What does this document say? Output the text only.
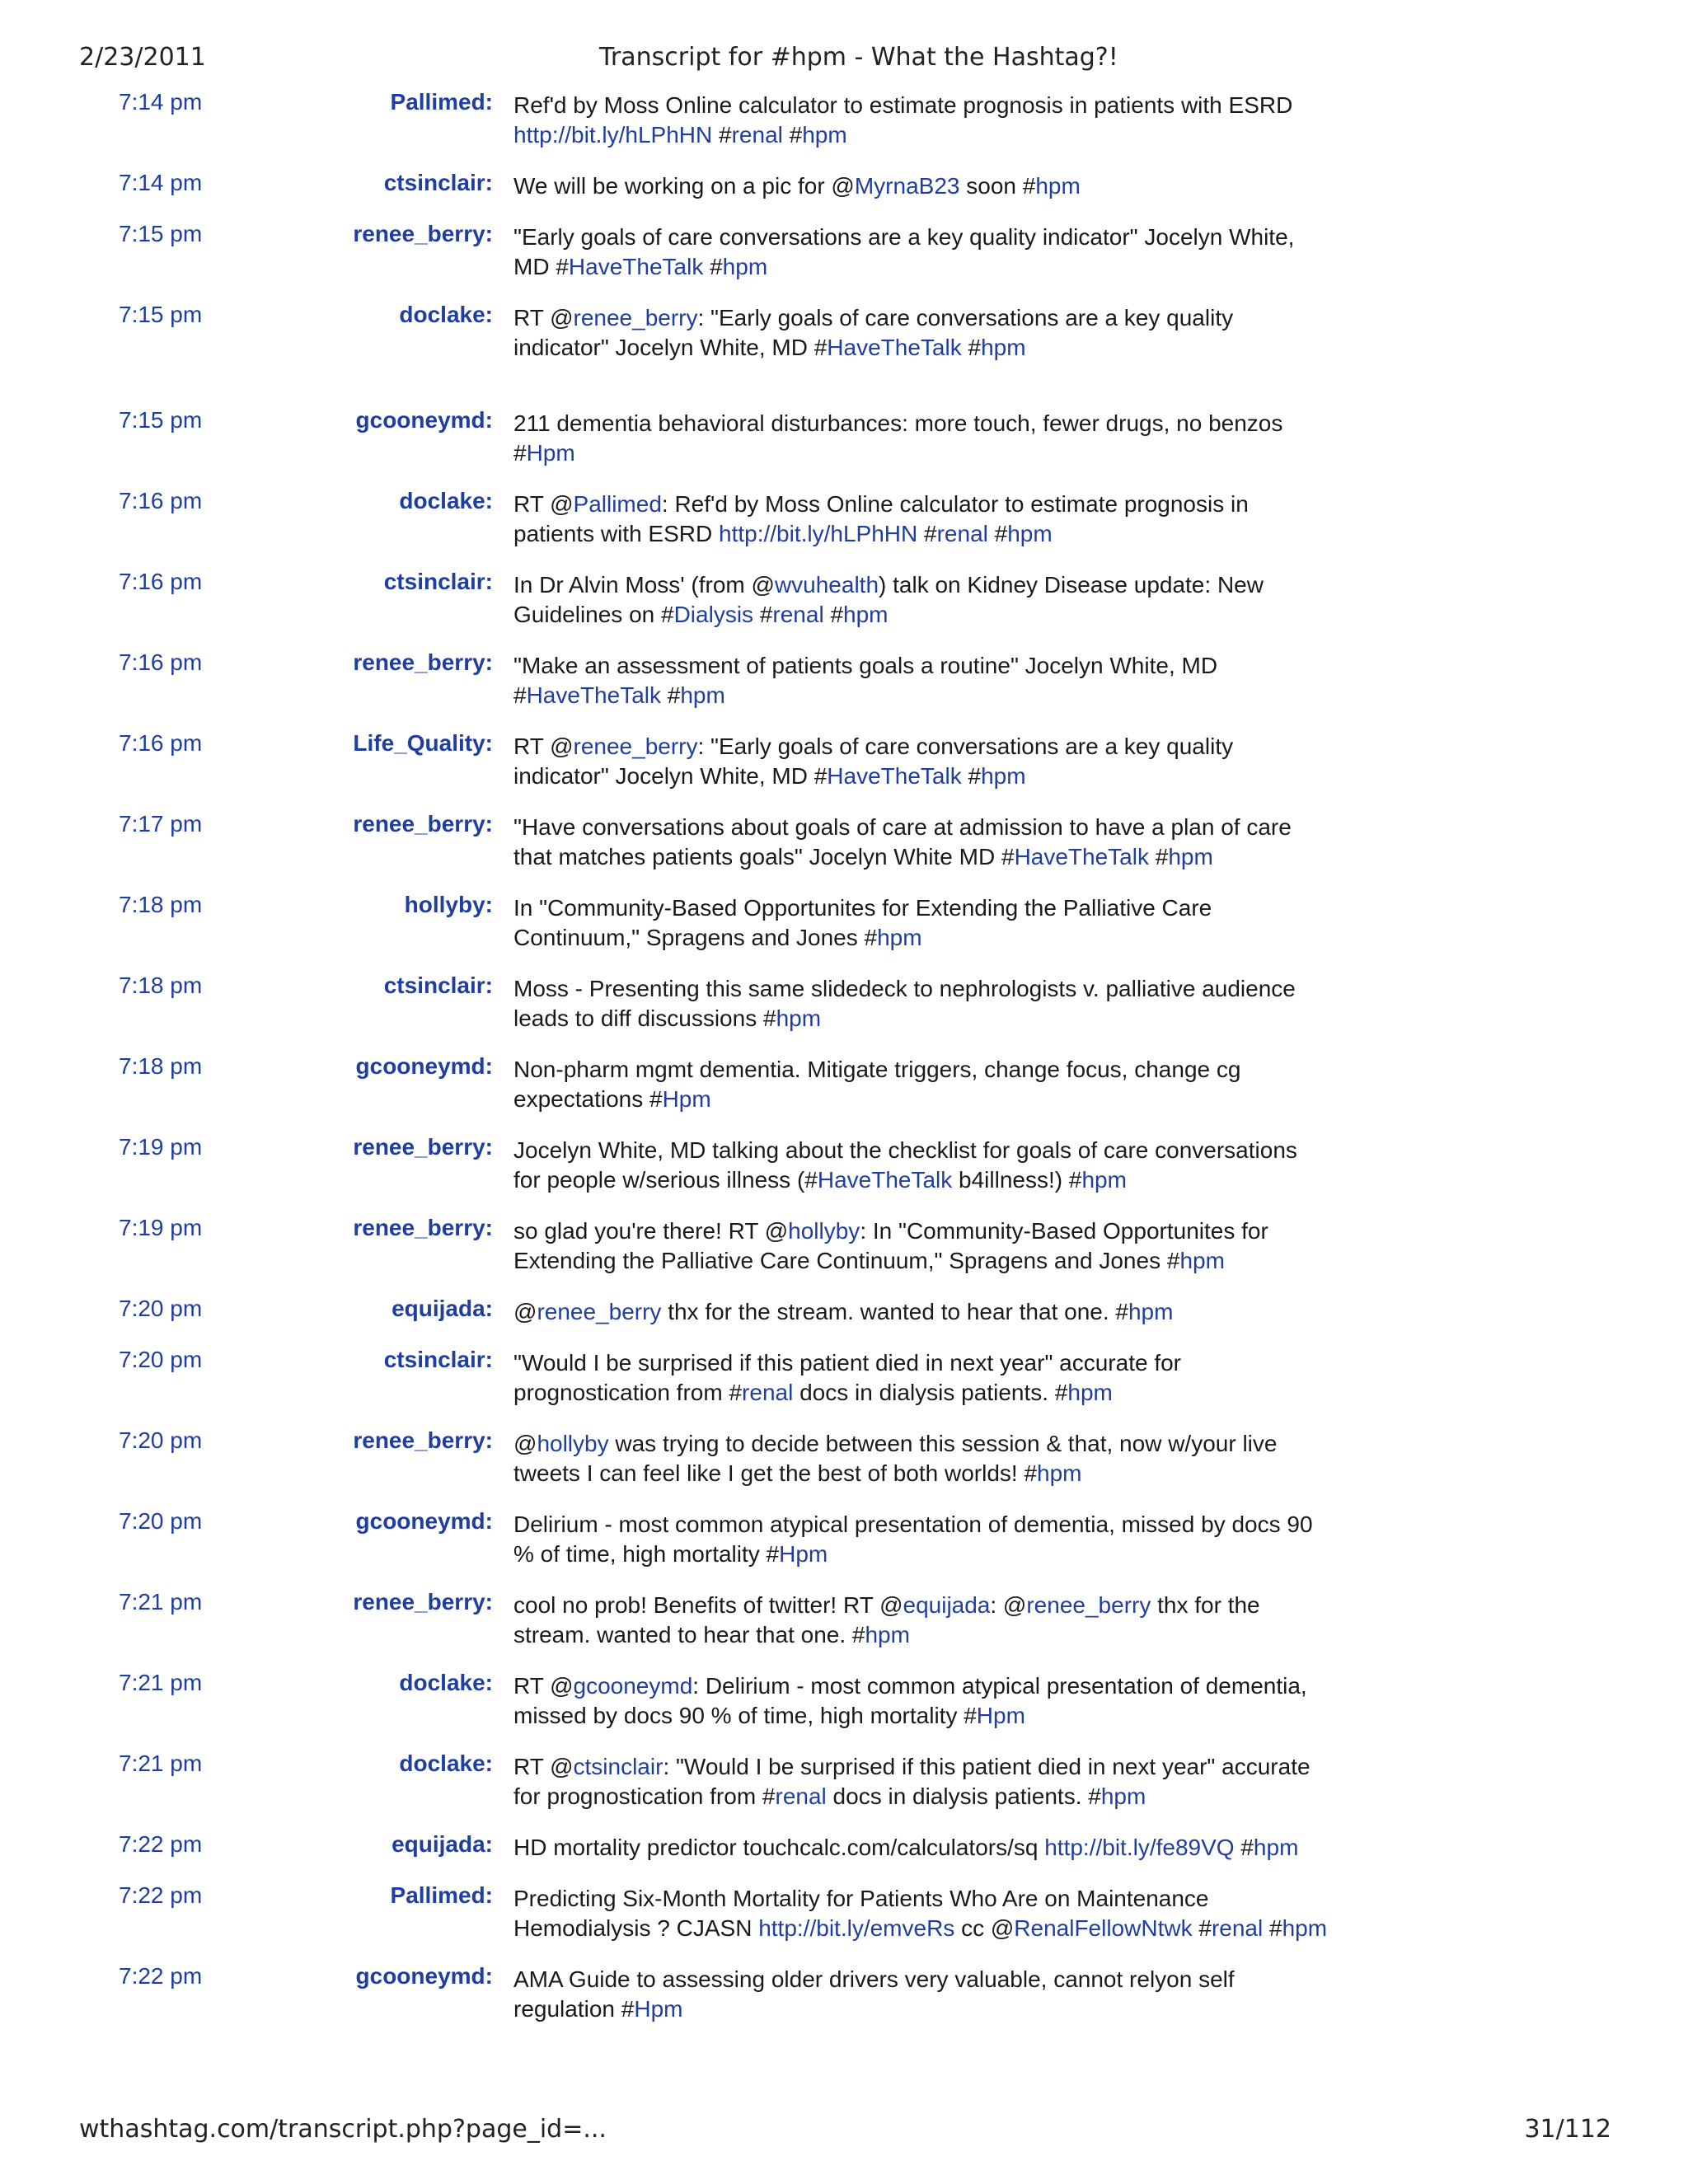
2/23/2011	Transcript for #hpm - What the Hashtag?!
7:14 pm	Pallimed: Ref'd by Moss Online calculator to estimate prognosis in patients with ESRD http://bit.ly/hLPhHN #renal #hpm
7:14 pm	ctsinclair: We will be working on a pic for @MyrnaB23 soon #hpm
7:15 pm	renee_berry: "Early goals of care conversations are a key quality indicator" Jocelyn White, MD #HaveTheTalk #hpm
7:15 pm	doclake: RT @renee_berry: "Early goals of care conversations are a key quality indicator" Jocelyn White, MD #HaveTheTalk #hpm
7:15 pm	gcooneymd: 211 dementia behavioral disturbances: more touch, fewer drugs, no benzos #Hpm
7:16 pm	doclake: RT @Pallimed: Ref'd by Moss Online calculator to estimate prognosis in patients with ESRD http://bit.ly/hLPhHN #renal #hpm
7:16 pm	ctsinclair: In Dr Alvin Moss' (from @wvuhealth) talk on Kidney Disease update: New Guidelines on #Dialysis #renal #hpm
7:16 pm	renee_berry: "Make an assessment of patients goals a routine" Jocelyn White, MD #HaveTheTalk #hpm
7:16 pm	Life_Quality: RT @renee_berry: "Early goals of care conversations are a key quality indicator" Jocelyn White, MD #HaveTheTalk #hpm
7:17 pm	renee_berry: "Have conversations about goals of care at admission to have a plan of care that matches patients goals" Jocelyn White MD #HaveTheTalk #hpm
7:18 pm	hollyby: In "Community-Based Opportunites for Extending the Palliative Care Continuum," Spragens and Jones #hpm
7:18 pm	ctsinclair: Moss - Presenting this same slidedeck to nephrologists v. palliative audience leads to diff discussions #hpm
7:18 pm	gcooneymd: Non-pharm mgmt dementia. Mitigate triggers, change focus, change cg expectations #Hpm
7:19 pm	renee_berry: Jocelyn White, MD talking about the checklist for goals of care conversations for people w/serious illness (#HaveTheTalk b4illness!) #hpm
7:19 pm	renee_berry: so glad you're there! RT @hollyby: In "Community-Based Opportunites for Extending the Palliative Care Continuum," Spragens and Jones #hpm
7:20 pm	equijada: @renee_berry thx for the stream. wanted to hear that one. #hpm
7:20 pm	ctsinclair: "Would I be surprised if this patient died in next year" accurate for prognostication from #renal docs in dialysis patients. #hpm
7:20 pm	renee_berry: @hollyby was trying to decide between this session & that, now w/your live tweets I can feel like I get the best of both worlds! #hpm
7:20 pm	gcooneymd: Delirium - most common atypical presentation of dementia, missed by docs 90 % of time, high mortality #Hpm
7:21 pm	renee_berry: cool no prob! Benefits of twitter! RT @equijada: @renee_berry thx for the stream. wanted to hear that one. #hpm
7:21 pm	doclake: RT @gcooneymd: Delirium - most common atypical presentation of dementia, missed by docs 90 % of time, high mortality #Hpm
7:21 pm	doclake: RT @ctsinclair: "Would I be surprised if this patient died in next year" accurate for prognostication from #renal docs in dialysis patients. #hpm
7:22 pm	equijada: HD mortality predictor touchcalc.com/calculators/sq http://bit.ly/fe89VQ #hpm
7:22 pm	Pallimed: Predicting Six-Month Mortality for Patients Who Are on Maintenance Hemodialysis ? CJASN http://bit.ly/emveRs cc @RenalFellowNtwk #renal #hpm
7:22 pm	gcooneymd: AMA Guide to assessing older drivers very valuable, cannot relyon self regulation #Hpm
wthashtag.com/transcript.php?page_id=...	31/112
